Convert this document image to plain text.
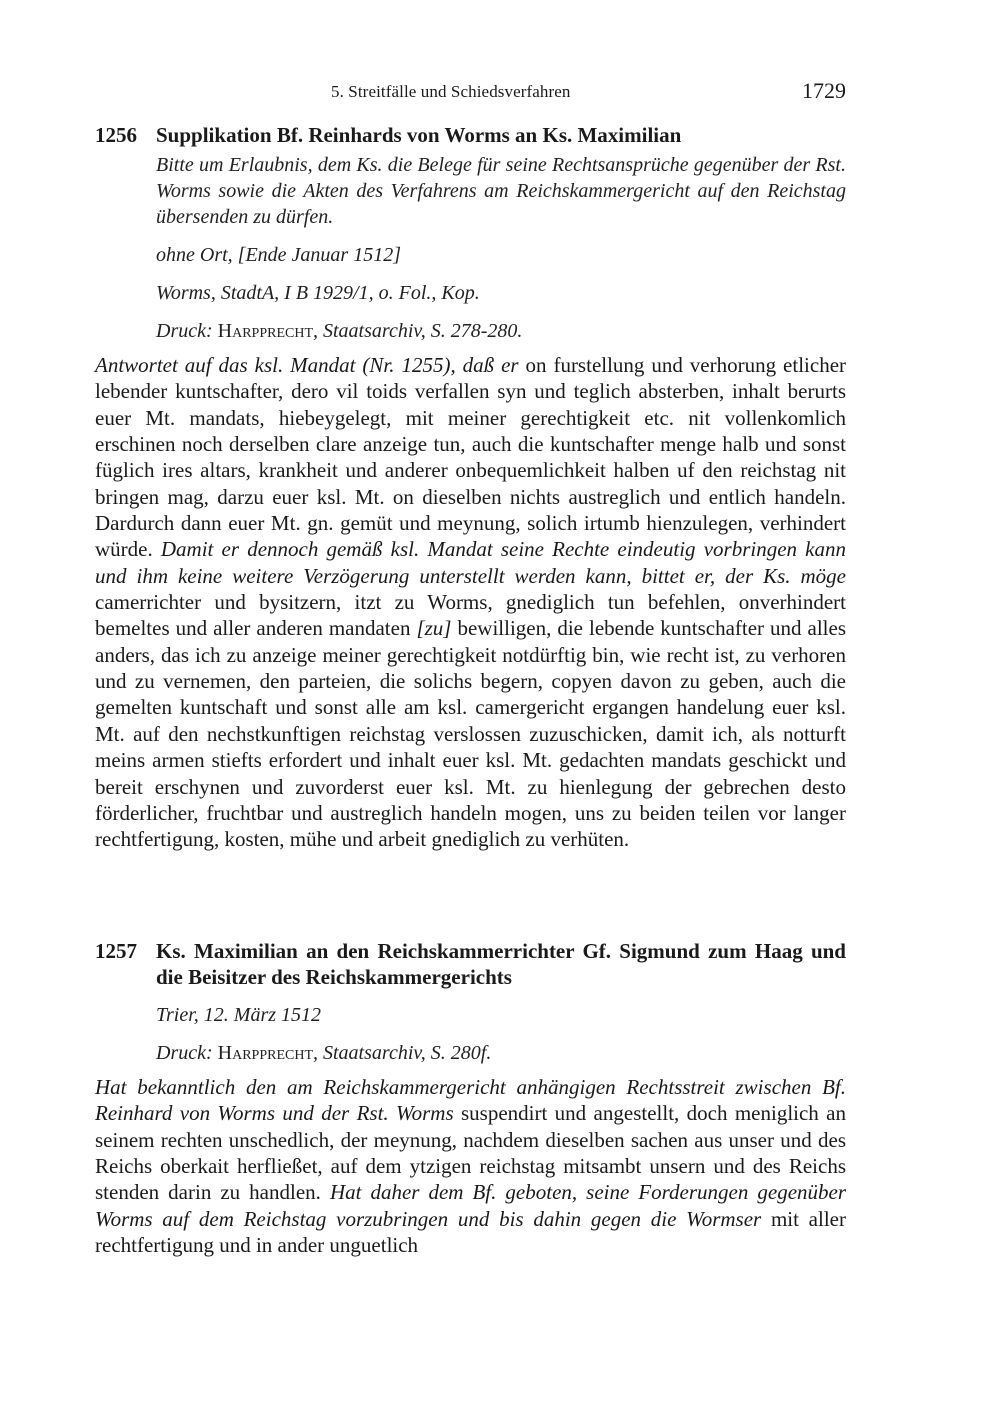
5. Streitfälle und Schiedsverfahren	1729
1256 Supplikation Bf. Reinhards von Worms an Ks. Maximilian
Bitte um Erlaubnis, dem Ks. die Belege für seine Rechtsansprüche gegenüber der Rst. Worms sowie die Akten des Verfahrens am Reichskammergericht auf den Reichstag übersenden zu dürfen.
ohne Ort, [Ende Januar 1512]
Worms, StadtA, I B 1929/1, o. Fol., Kop.
Druck: Harpprecht, Staatsarchiv, S. 278-280.
Antwortet auf das ksl. Mandat (Nr. 1255), daß er on furstellung und verhorung etlicher lebender kuntschafter, dero vil toids verfallen syn und teglich absterben, inhalt berurts euer Mt. mandats, hiebeygelegt, mit meiner gerechtigkeit etc. nit vollenkomlich erschinen noch derselben clare anzeige tun, auch die kuntschafter menge halb und sonst füglich ires altars, krankheit und anderer onbequemlichkeit halben uf den reichstag nit bringen mag, darzu euer ksl. Mt. on dieselben nichts austreglich und entlich handeln. Dardurch dann euer Mt. gn. gemüt und meynung, solich irtumb hienzulegen, verhindert würde. Damit er dennoch gemäß ksl. Mandat seine Rechte eindeutig vorbringen kann und ihm keine weitere Verzögerung unterstellt werden kann, bittet er, der Ks. möge camerrichter und bysitzern, itzt zu Worms, gnediglich tun befehlen, onverhindert bemeltes und aller anderen mandaten [zu] bewilligen, die lebende kuntschafter und alles anders, das ich zu anzeige meiner gerechtigkeit notdürftig bin, wie recht ist, zu verhoren und zu vernemen, den parteien, die solichs begern, copyen davon zu geben, auch die gemelten kuntschaft und sonst alle am ksl. camergericht ergangen handelung euer ksl. Mt. auf den nechstkunftigen reichstag verslossen zuzuschicken, damit ich, als notturft meins armen stiefts erfordert und inhalt euer ksl. Mt. gedachten mandats geschickt und bereit erschynen und zuvorderst euer ksl. Mt. zu hienlegung der gebrechen desto förderlicher, fruchtbar und austreglich handeln mogen, uns zu beiden teilen vor langer rechtfertigung, kosten, mühe und arbeit gnediglich zu verhüten.
1257 Ks. Maximilian an den Reichskammerrichter Gf. Sigmund zum Haag und die Beisitzer des Reichskammergerichts
Trier, 12. März 1512
Druck: Harpprecht, Staatsarchiv, S. 280f.
Hat bekanntlich den am Reichskammergericht anhängigen Rechtsstreit zwischen Bf. Reinhard von Worms und der Rst. Worms suspendirt und angestellt, doch meniglich an seinem rechten unschedlich, der meynung, nachdem dieselben sachen aus unser und des Reichs oberkait herfließet, auf dem ytzigen reichstag mitsambt unsern und des Reichs stenden darin zu handlen. Hat daher dem Bf. geboten, seine Forderungen gegenüber Worms auf dem Reichstag vorzubringen und bis dahin gegen die Wormser mit aller rechtfertigung und in ander unguetlich
